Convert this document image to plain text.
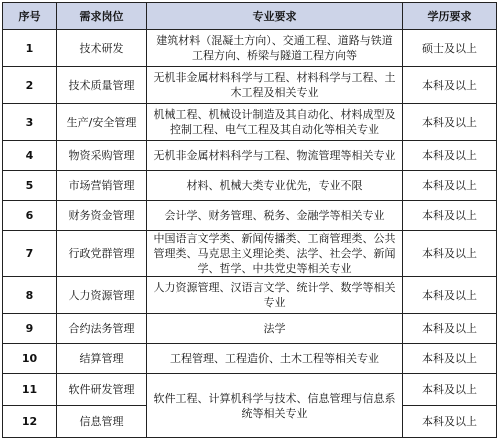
序号	需求岗位	专业要求	学历要求
1	技术研发	建筑材料（混凝土方向）、交通工程、道路与铁道工程方向、桥梁与隧道工程方向等	硕士及以上
2	技术质量管理	无机非金属材料科学与工程、材料科学与工程、土木工程及相关专业	本科及以上
3	生产/安全管理	机械工程、机械设计制造及其自动化、材料成型及控制工程、电气工程及其自动化等相关专业	本科及以上
4	物资采购管理	无机非金属材料科学与工程、物流管理等相关专业	本科及以上
5	市场营销管理	材料、机械大类专业优先，专业不限	本科及以上
6	财务资金管理	会计学、财务管理、税务、金融学等相关专业	本科及以上
7	行政党群管理	中国语言文学类、新闻传播类、工商管理类、公共管理类、马克思主义理论类、法学、社会学、新闻学、哲学、中共党史等相关专业	本科及以上
8	人力资源管理	人力资源管理、汉语言文学、统计学、数学等相关专业	本科及以上
9	合约法务管理	法学	本科及以上
10	结算管理	工程管理、工程造价、土木工程等相关专业	本科及以上
11	软件研发管理	软件工程、计算机科学与技术、信息管理与信息系统等相关专业	本科及以上
12	信息管理		本科及以上
